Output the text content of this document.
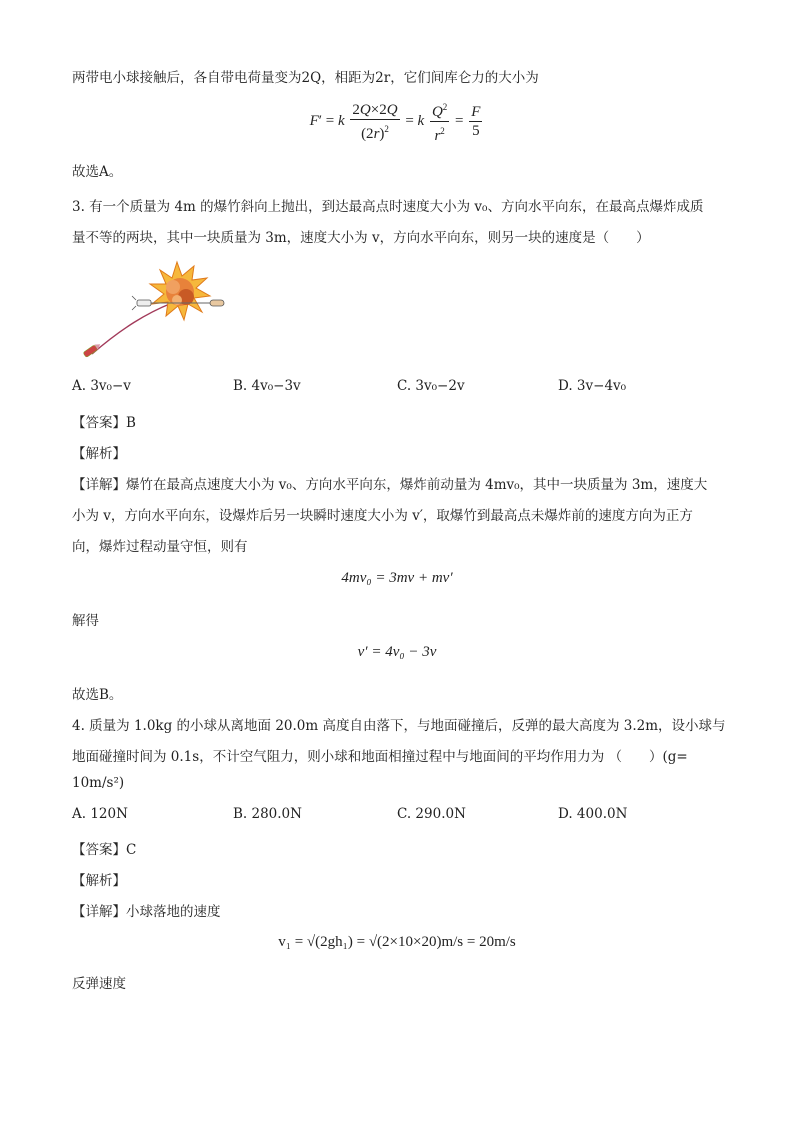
两带电小球接触后，各自带电荷量变为2Q，相距为2r，它们间库仑力的大小为
F′ = k $\frac{2Q\times 2Q}{(2r)^2} = k \frac{Q^2}{r^2} = \frac{F}{5}$
故选A。
3. 有一个质量为 4m 的爆竹斜向上抛出，到达最高点时速度大小为 v₀、方向水平向东，在最高点爆炸成质
量不等的两块，其中一块质量为 3m，速度大小为 v，方向水平向东，则另一块的速度是（　　）
A. 3v₀−v	B. 4v₀−3v	C. 3v₀−2v	D. 3v−4v₀
【答案】B
【解析】
【详解】爆竹在最高点速度大小为 v₀、方向水平向东，爆炸前动量为 4mv₀，其中一块质量为 3m，速度大
小为 v，方向水平向东，设爆炸后另一块瞬时速度大小为 v′，取爆竹到最高点未爆炸前的速度方向为正方
向，爆炸过程动量守恒，则有
4mv₀ = 3mv + mv′
解得
v′ = 4v₀ − 3v
故选B。
4. 质量为 1.0kg 的小球从离地面 20.0m 高度自由落下，与地面碰撞后，反弹的最大高度为 3.2m，设小球与
地面碰撞时间为 0.1s，不计空气阻力，则小球和地面相撞过程中与地面间的平均作用力为 （　　）(g=
10m/s²)
A. 120N	B. 280.0N	C. 290.0N	D. 400.0N
【答案】C
【解析】
【详解】小球落地的速度
v₁ = √(2gh₁) = √(2×10×20)m/s = 20m/s
反弹速度
